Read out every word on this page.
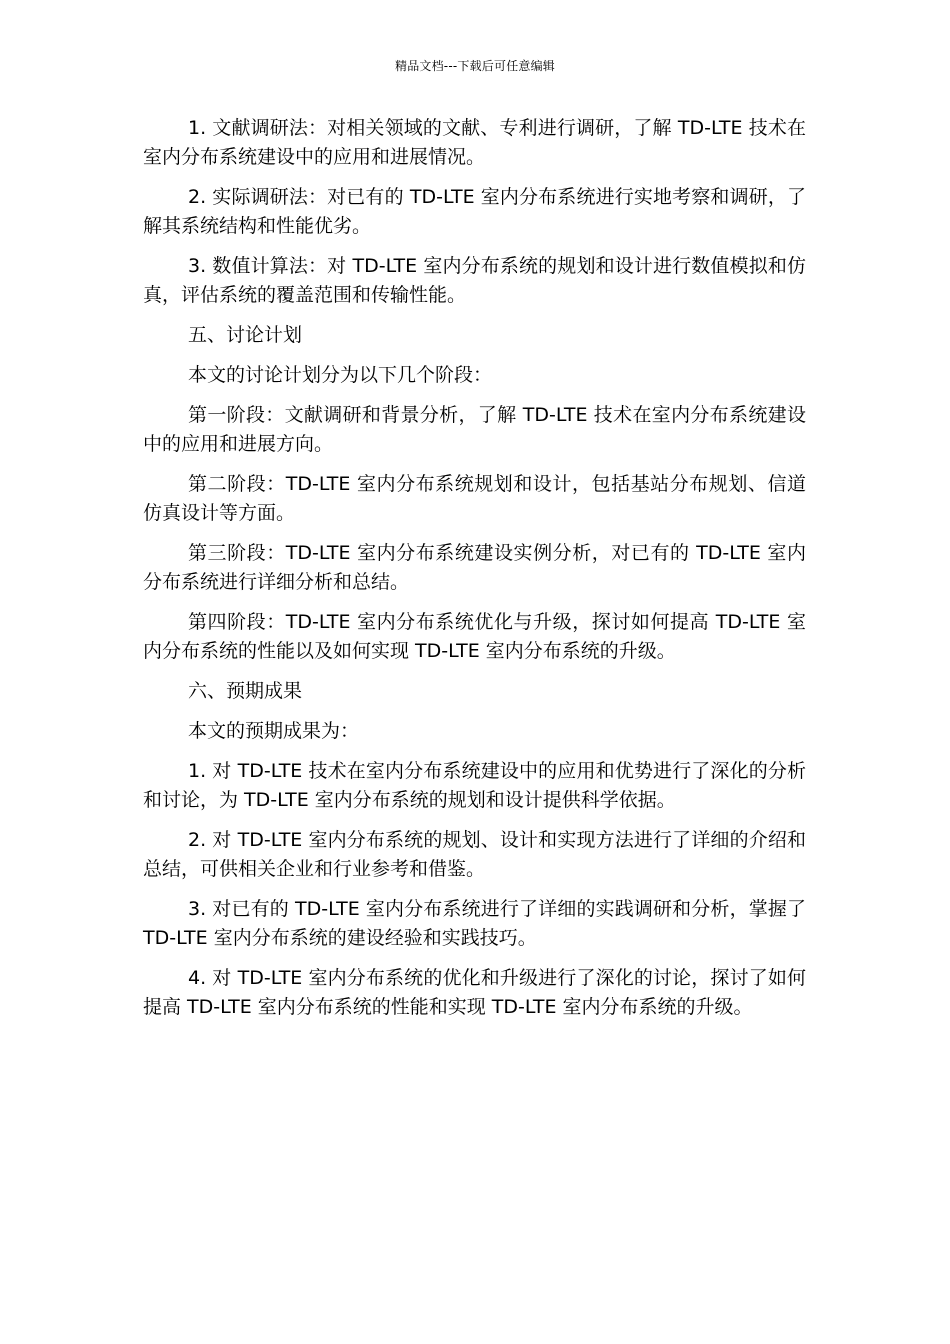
精品文档---下载后可任意编辑

1. 文献调研法：对相关领域的文献、专利进行调研，了解 TD-LTE 技术在室内分布系统建设中的应用和进展情况。

2. 实际调研法：对已有的 TD-LTE 室内分布系统进行实地考察和调研，了解其系统结构和性能优劣。

3. 数值计算法：对 TD-LTE 室内分布系统的规划和设计进行数值模拟和仿真，评估系统的覆盖范围和传输性能。

五、讨论计划

本文的讨论计划分为以下几个阶段：

第一阶段：文献调研和背景分析，了解 TD-LTE 技术在室内分布系统建设中的应用和进展方向。

第二阶段：TD-LTE 室内分布系统规划和设计，包括基站分布规划、信道仿真设计等方面。

第三阶段：TD-LTE 室内分布系统建设实例分析，对已有的 TD-LTE 室内分布系统进行详细分析和总结。

第四阶段：TD-LTE 室内分布系统优化与升级，探讨如何提高 TD-LTE 室内分布系统的性能以及如何实现 TD-LTE 室内分布系统的升级。

六、预期成果

本文的预期成果为：

1. 对 TD-LTE 技术在室内分布系统建设中的应用和优势进行了深化的分析和讨论，为 TD-LTE 室内分布系统的规划和设计提供科学依据。

2. 对 TD-LTE 室内分布系统的规划、设计和实现方法进行了详细的介绍和总结，可供相关企业和行业参考和借鉴。

3. 对已有的 TD-LTE 室内分布系统进行了详细的实践调研和分析，掌握了 TD-LTE 室内分布系统的建设经验和实践技巧。

4. 对 TD-LTE 室内分布系统的优化和升级进行了深化的讨论，探讨了如何提高 TD-LTE 室内分布系统的性能和实现 TD-LTE 室内分布系统的升级。
